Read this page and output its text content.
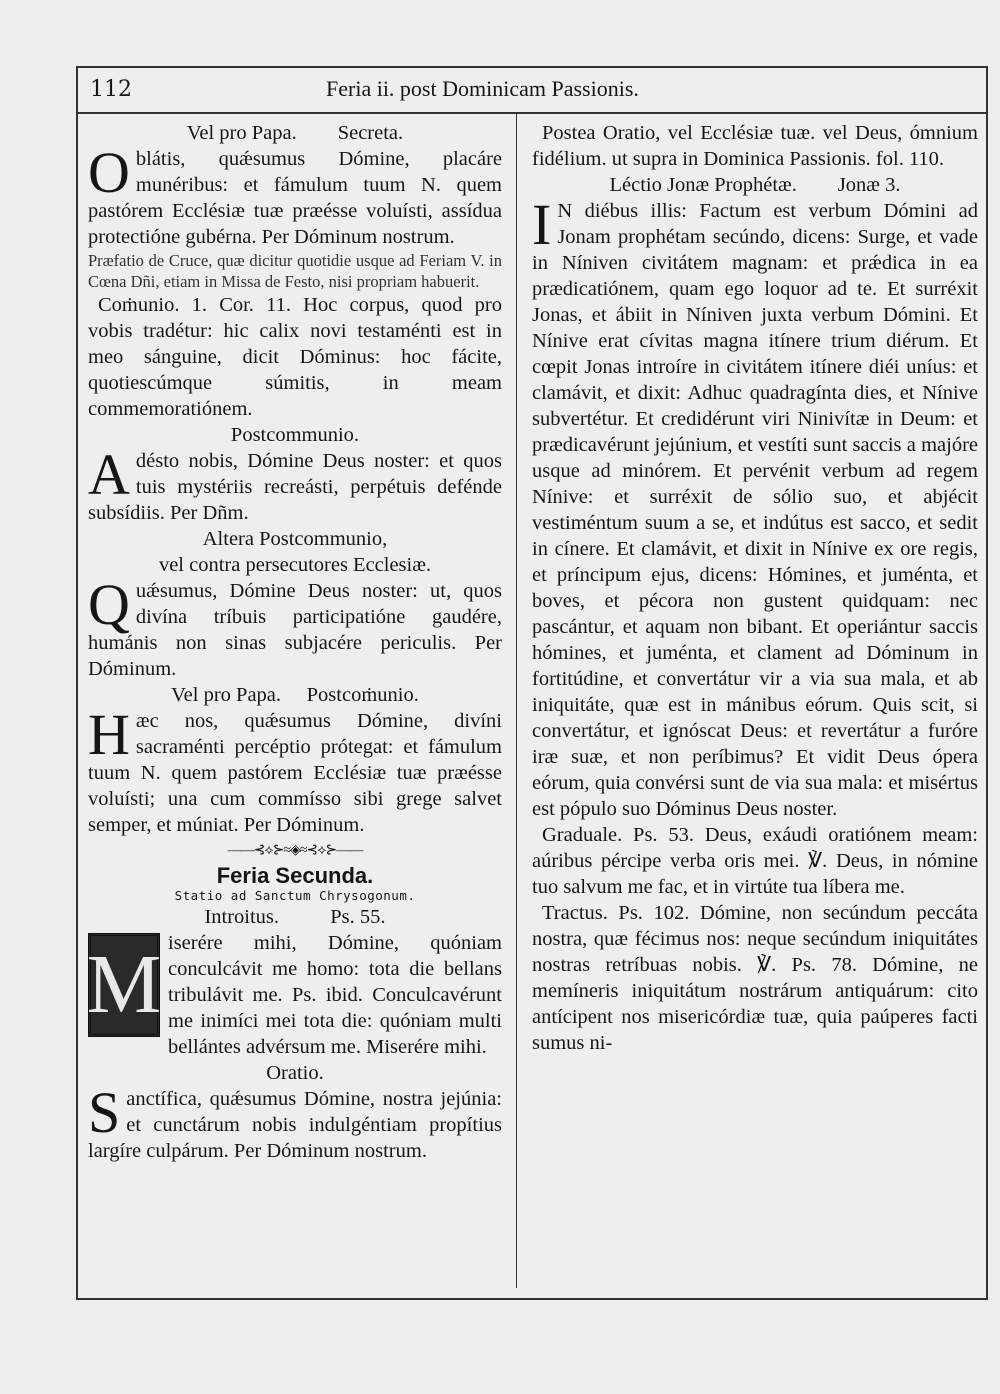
112	Feria ii. post Dominicam Passionis.

Vel pro Papa.        Secreta.

Oblátis, quǽsumus Dómine, placáre munéribus: et fámulum tuum N. quem pastórem Ecclésiæ tuæ præésse voluísti, assídua protectióne gubérna. Per Dóminum nostrum.

Præfatio de Cruce, quæ dicitur quotidie usque ad Feriam V. in Cœna Dñi, etiam in Missa de Festo, nisi propriam habuerit.

Coṁunio. 1. Cor. 11. Hoc corpus, quod pro vobis tradétur: hic calix novi testaménti est in meo sánguine, dicit Dóminus: hoc fácite, quotiescúmque súmitis, in meam commemoratiónem.

Postcommunio.

Adésto nobis, Dómine Deus noster: et quos tuis mystériis recreásti, perpétuis defénde subsídiis. Per Dñm.

Altera Postcommunio,

vel contra persecutores Ecclesiæ.

Quǽsumus, Dómine Deus noster: ut, quos divína tríbuis participatióne gaudére, humánis non sinas subjacére periculis. Per Dóminum.

Vel pro Papa.     Postcoṁunio.

Hæc nos, quǽsumus Dómine, divíni sacraménti percéptio prótegat: et fámulum tuum N. quem pastórem Ecclésiæ tuæ præésse voluísti; una cum commísso sibi grege salvet semper, et múniat. Per Dóminum.

——⊰⟡⊱≈◈≈⊰⟡⊱——

Feria Secunda.

Statio ad Sanctum Chrysogonum.

Introitus.          Ps. 55.

M iserére mihi, Dómine, quóniam conculcávit me homo: tota die bellans tribulávit me. Ps. ibid. Conculcavérunt me inimíci mei tota die: quóniam multi bellántes advérsum me. Miserére mihi.

Oratio.

Sanctífica, quǽsumus Dómine, nostra jejúnia: et cunctárum nobis indulgéntiam propítius largíre culpárum. Per Dóminum nostrum.

Postea Oratio, vel Ecclésiæ tuæ. vel Deus, ómnium fidélium. ut supra in Dominica Passionis. fol. 110.

Léctio Jonæ Prophétæ.        Jonæ 3.

I N diébus illis: Factum est verbum Dómini ad Jonam prophétam secúndo, dicens: Surge, et vade in Níniven civitátem magnam: et prǽdica in ea prædicatiónem, quam ego loquor ad te. Et surréxit Jonas, et ábiit in Níniven juxta verbum Dómini. Et Nínive erat cívitas magna itínere trium diérum. Et cœpit Jonas introíre in civitátem itínere diéi uníus: et clamávit, et dixit: Adhuc quadragínta dies, et Nínive subvertétur. Et credidérunt viri Ninivítæ in Deum: et prædicavérunt jejúnium, et vestíti sunt saccis a majóre usque ad minórem. Et pervénit verbum ad regem Nínive: et surréxit de sólio suo, et abjécit vestiméntum suum a se, et indútus est sacco, et sedit in cínere. Et clamávit, et dixit in Nínive ex ore regis, et príncipum ejus, dicens: Hómines, et juménta, et boves, et pécora non gustent quidquam: nec pascántur, et aquam non bibant. Et operiántur saccis hómines, et juménta, et clament ad Dóminum in fortitúdine, et convertátur vir a via sua mala, et ab iniquitáte, quæ est in mánibus eórum. Quis scit, si convertátur, et ignóscat Deus: et revertátur a furóre iræ suæ, et non períbimus? Et vidit Deus ópera eórum, quia convérsi sunt de via sua mala: et misértus est pópulo suo Dóminus Deus noster.

Graduale. Ps. 53. Deus, exáudi oratiónem meam: aúribus pércipe verba oris mei. ℣. Deus, in nómine tuo salvum me fac, et in virtúte tua líbera me.

Tractus. Ps. 102. Dómine, non secúndum peccáta nostra, quæ fécimus nos: neque secúndum iniquitátes nostras retríbuas nobis. ℣. Ps. 78. Dómine, ne memíneris iniquitátum nostrárum antiquárum: cito antícipent nos misericórdiæ tuæ, quia paúperes facti sumus ni-
